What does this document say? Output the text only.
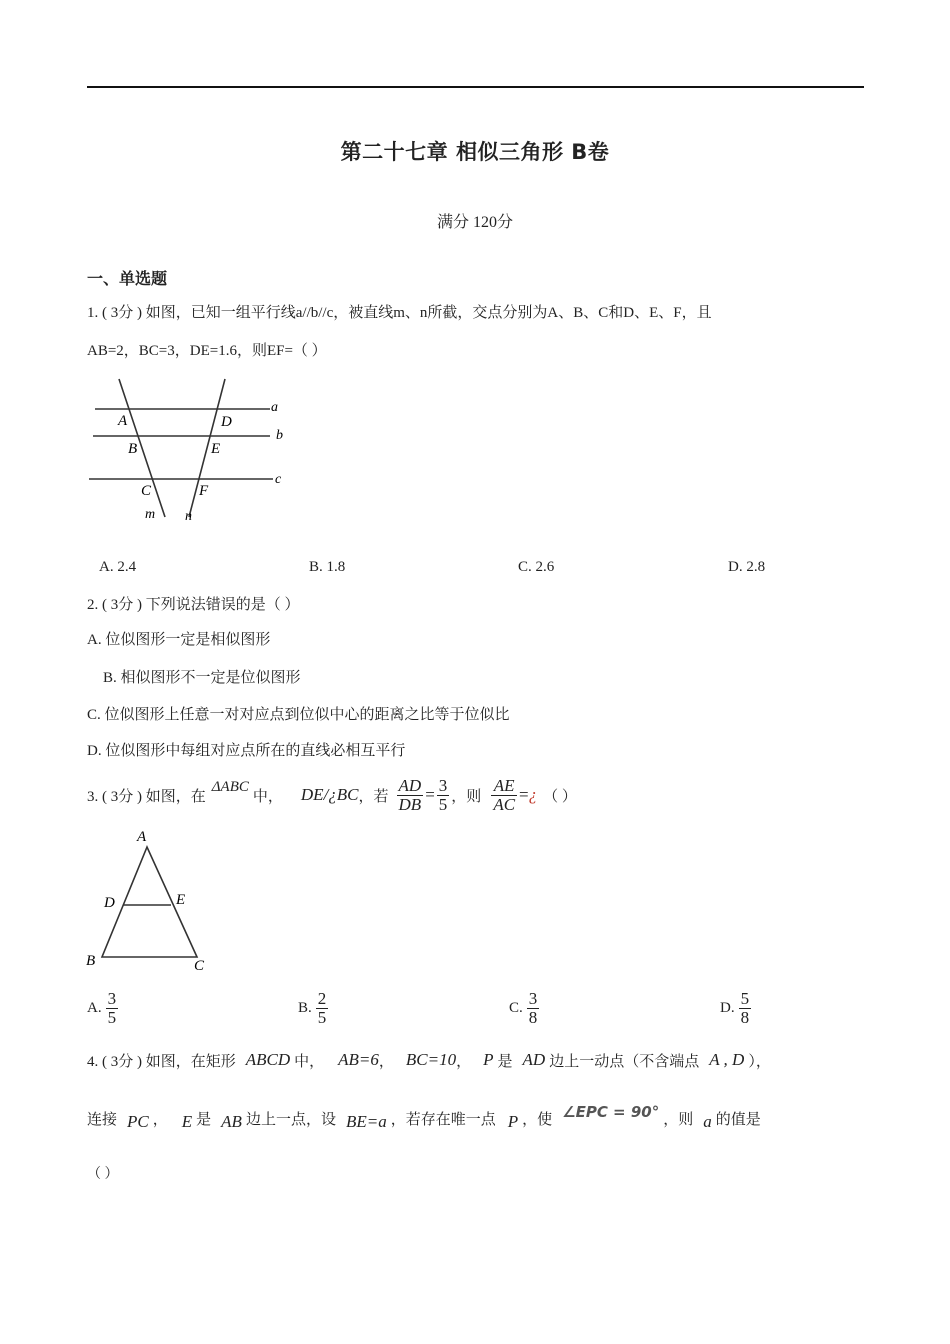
第二十七章 相似三角形 B卷
满分 120分
一、单选题
1. ( 3分 ) 如图，已知一组平行线a//b//c，被直线m、n所截，交点分别为A、B、C和D、E、F，且
AB=2，BC=3，DE=1.6，则EF=（ ）
A
B
C
D
E
F
a
b
c
m n
A. 2.4	B. 1.8	C. 2.6	D. 2.8
2. ( 3分 ) 下列说法错误的是（ ）
A. 位似图形一定是相似图形
B. 相似图形不一定是位似图形
C. 位似图形上任意一对对应点到位似中心的距离之比等于位似比
D. 位似图形中每组对应点所在的直线必相互平行
3. ( 3分 ) 如图，在
ΔABC
中， DE/¿BC ，若 $\frac{AD}{DB} = \frac{3}{5}$ ，则 $\frac{AE}{AC}$ = ¿ （ ）
A
D	E
B	C
A. $\frac{3}{5}$	B. $\frac{2}{5}$	C. $\frac{3}{8}$	D. $\frac{5}{8}$
4. ( 3分 ) 如图，在矩形 ABCD 中， AB=6 ， BC=10 ， P 是 AD 边上一动点（不含端点 A , D ），
连接 PC ， E 是 AB 边上一点，设 BE=a ，若存在唯一点 P ，使 ∠EPC = 90° ，则 a 的值是
（ ）
